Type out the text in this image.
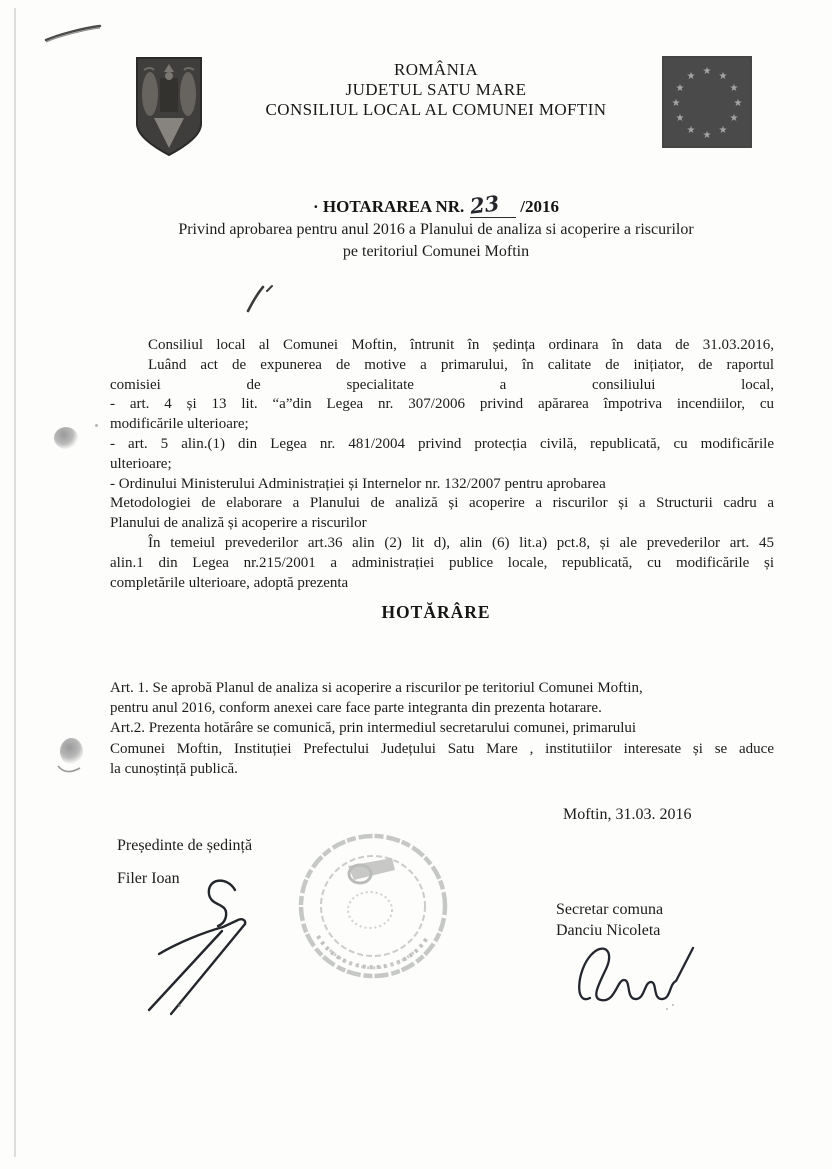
★ ★
★
★
★
★
★
★
★
★
★
★
ROMÂNIA
JUDETUL SATU MARE
CONSILIUL LOCAL AL COMUNEI MOFTIN
· HOTARAREA NR. 23 /2016
Privind aprobarea pentru anul 2016 a Planului de analiza si acoperire a riscurilor
pe teritoriul Comunei Moftin
Consiliul local al Comunei Moftin, întrunit în ședința ordinara în data de 31.03.2016,
Luând act de expunerea de motive a primarului, în calitate de inițiator, de raportul
comisiei de specialitate a consiliului local,
- art. 4 și 13 lit. “a”din Legea nr. 307/2006 privind apărarea împotriva incendiilor, cu
modificările ulterioare;
- art. 5 alin.(1) din Legea nr. 481/2004 privind protecția civilă, republicată, cu modificările
ulterioare;
- Ordinului Ministerului Administrației și Internelor nr. 132/2007 pentru aprobarea
Metodologiei de elaborare a Planului de analiză și acoperire a riscurilor și a Structurii cadru a
Planului de analiză și acoperire a riscurilor
În temeiul prevederilor art.36 alin (2) lit d), alin (6) lit.a) pct.8, și ale prevederilor art. 45
alin.1 din Legea nr.215/2001 a administrației publice locale, republicată, cu modificările și
completările ulterioare, adoptă prezenta
HOTĂRÂRE
Art. 1. Se aprobă Planul de analiza si acoperire a riscurilor pe teritoriul Comunei Moftin,
pentru anul 2016, conform anexei care face parte integranta din prezenta hotarare.
Art.2. Prezenta hotărâre se comunică, prin intermediul secretarului comunei, primarului
Comunei Moftin, Instituției Prefectului Județului Satu Mare , institutiilor interesate și se aduce
la cunoștință publică.
Moftin, 31.03. 2016
Președinte de ședință
Filer Ioan
Secretar comuna
Danciu Nicoleta
